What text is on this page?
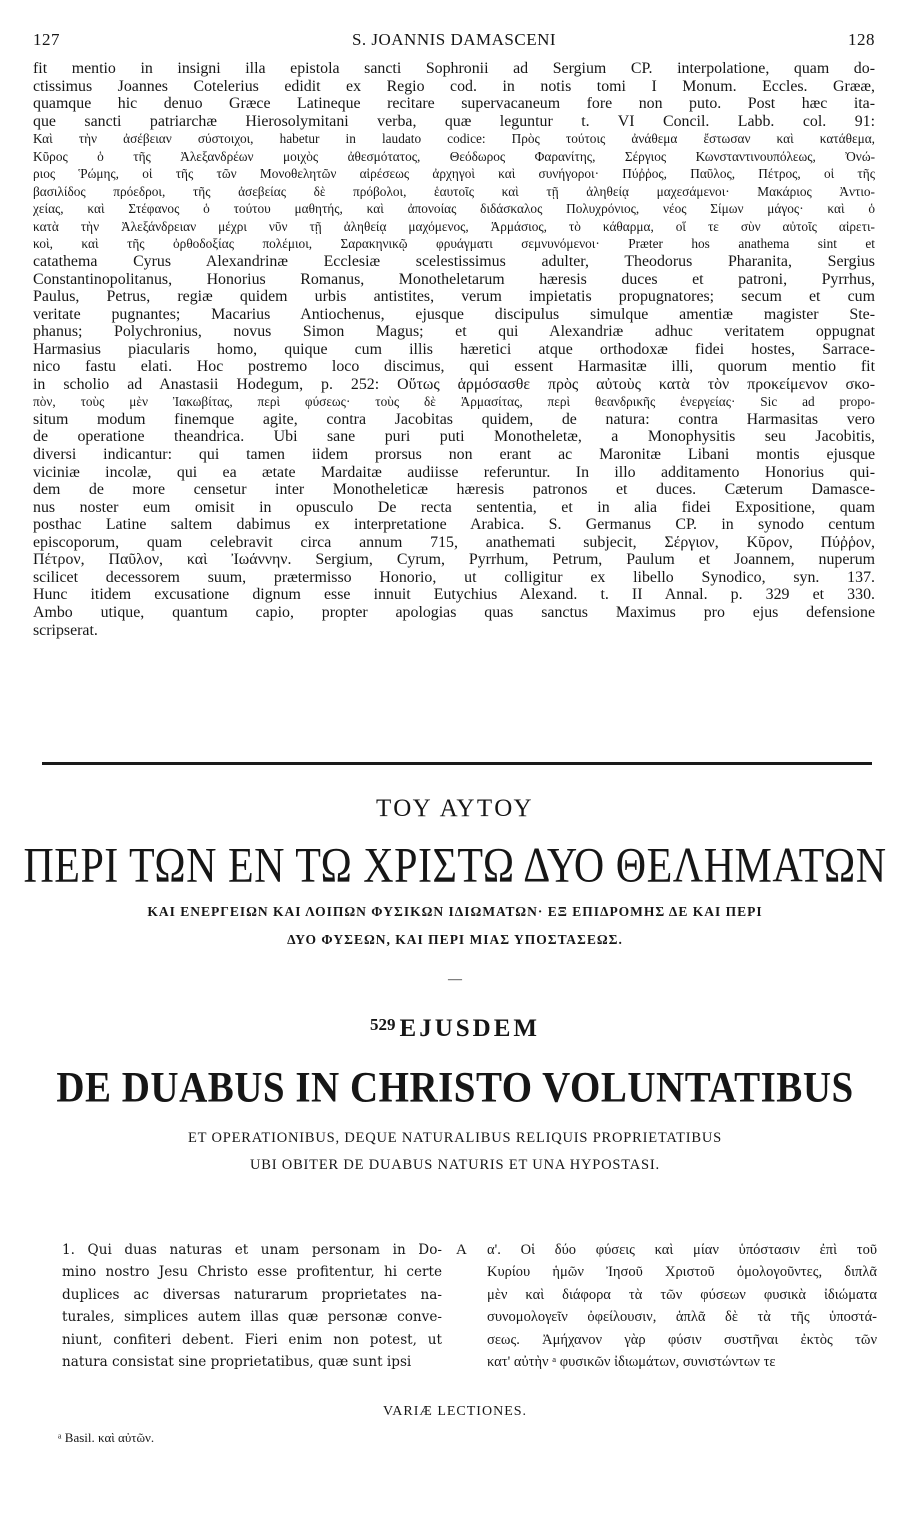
127	S. JOANNIS DAMASCENI	128
fit mentio in insigni illa epistola sancti Sophronii ad Sergium CP. interpolatione, quam do-
ctissimus Joannes Cotelerius edidit ex Regio cod. in notis tomi I Monum. Eccles. Grææ,
quamque hic denuo Græce Latineque recitare supervacaneum fore non puto. Post hæc ita-
que sancti patriarchæ Hierosolymitani verba, quæ leguntur t. VI Concil. Labb. col. 91:
Καὶ τὴν ἀσέβειαν σύστοιχοι, habetur in laudato codice: Πρὸς τούτοις ἀνάθεμα ἔστωσαν καὶ κατάθεμα,
Κῦρος ὁ τῆς Ἀλεξανδρέων μοιχὸς ἀθεσμότατος, Θεόδωρος Φαρανίτης, Σέργιος Κωνσταντινουπόλεως, Ὀνώ-
ριος Ῥώμης, οἱ τῆς τῶν Μονοθελητῶν αἱρέσεως ἀρχηγοὶ καὶ συνήγοροι· Πύῤῥος, Παῦλος, Πέτρος, οἱ τῆς
βασιλίδος πρόεδροι, τῆς ἀσεβείας δὲ πρόβολοι, ἑαυτοῖς καὶ τῇ ἀληθείᾳ μαχεσάμενοι· Μακάριος Ἀντιο-
χείας, καὶ Στέφανος ὁ τούτου μαθητής, καὶ ἀπονοίας διδάσκαλος Πολυχρόνιος, νέος Σίμων μάγος· καὶ ὁ
κατὰ τὴν Ἀλεξάνδρειαν μέχρι νῦν τῇ ἀληθείᾳ μαχόμενος, Ἁρμάσιος, τὸ κάθαρμα, οἵ τε σὺν αὐτοῖς αἱρετι-
κοὶ, καὶ τῆς ὀρθοδοξίας πολέμιοι, Σαρακηνικῷ φρυάγματι σεμνυνόμενοι· Præter hos anathema sint et
catathema Cyrus Alexandrinæ Ecclesiæ scelestissimus adulter, Theodorus Pharanita, Sergius
Constantinopolitanus, Honorius Romanus, Monotheletarum hæresis duces et patroni, Pyrrhus,
Paulus, Petrus, regiæ quidem urbis antistites, verum impietatis propugnatores; secum et cum
veritate pugnantes; Macarius Antiochenus, ejusque discipulus simulque amentiæ magister Ste-
phanus; Polychronius, novus Simon Magus; et qui Alexandriæ adhuc veritatem oppugnat
Harmasius piacularis homo, quique cum illis hæretici atque orthodoxæ fidei hostes, Sarrace-
nico fastu elati. Hoc postremo loco discimus, qui essent Harmasitæ illi, quorum mentio fit
in scholio ad Anastasii Hodegum, p. 252: Οὕτως ἁρμόσασθε πρὸς αὐτοὺς κατὰ τὸν προκείμενον σκο-
πὸν, τοὺς μὲν Ἰακωβίτας, περὶ φύσεως· τοὺς δὲ Ἁρμασίτας, περὶ θεανδρικῆς ἐνεργείας· Sic ad propo-
situm modum finemque agite, contra Jacobitas quidem, de natura: contra Harmasitas vero
de operatione theandrica. Ubi sane puri puti Monotheletæ, a Monophysitis seu Jacobitis,
diversi indicantur: qui tamen iidem prorsus non erant ac Maronitæ Libani montis ejusque
viciniæ incolæ, qui ea ætate Mardaitæ audiisse referuntur. In illo additamento Honorius qui-
dem de more censetur inter Monotheleticæ hæresis patronos et duces. Cæterum Damasce-
nus noster eum omisit in opusculo De recta sententia, et in alia fidei Expositione, quam
posthac Latine saltem dabimus ex interpretatione Arabica. S. Germanus CP. in synodo centum
episcoporum, quam celebravit circa annum 715, anathemati subjecit, Σέργιον, Κῦρον, Πύῤῥον,
Πέτρον, Παῦλον, καὶ Ἰωάννην. Sergium, Cyrum, Pyrrhum, Petrum, Paulum et Joannem, nuperum
scilicet decessorem suum, prætermisso Honorio, ut colligitur ex libello Synodico, syn. 137.
Hunc itidem excusatione dignum esse innuit Eutychius Alexand. t. II Annal. p. 329 et 330.
Ambo utique, quantum capio, propter apologias quas sanctus Maximus pro ejus defensione
scripserat.
ΤΟΥ ΑΥΤΟΥ
ΠΕΡΙ ΤΩΝ ΕΝ ΤΩ ΧΡΙΣΤΩ ΔΥΟ ΘΕΛΗΜΑΤΩΝ
ΚΑΙ ΕΝΕΡΓΕΙΩΝ ΚΑΙ ΛΟΙΠΩΝ ΦΥΣΙΚΩΝ ΙΔΙΩΜΑΤΩΝ· ΕΞ ΕΠΙΔΡΟΜΗΣ ΔΕ ΚΑΙ ΠΕΡΙ
ΔΥΟ ΦΥΣΕΩΝ, ΚΑΙ ΠΕΡΙ ΜΙΑΣ ΥΠΟΣΤΑΣΕΩΣ.
—
$^{529}$ EJUSDEM
DE DUABUS IN CHRISTO VOLUNTATIBUS
ET OPERATIONIBUS, DEQUE NATURALIBUS RELIQUIS PROPRIETATIBUS
UBI OBITER DE DUABUS NATURIS ET UNA HYPOSTASI.
1. Qui duas naturas et unam personam in Do-
mino nostro Jesu Christo esse profitentur, hi certe
duplices ac diversas naturarum proprietates na-
turales, simplices autem illas quæ personæ conve-
niunt, confiteri debent. Fieri enim non potest, ut
natura consistat sine proprietatibus, quæ sunt ipsi
A α'. Οἱ δύο φύσεις καὶ μίαν ὑπόστασιν ἐπὶ τοῦ
Κυρίου ἡμῶν Ἰησοῦ Χριστοῦ ὁμολογοῦντες, διπλᾶ
μὲν καὶ διάφορα τὰ τῶν φύσεων φυσικὰ ἰδιώματα
συνομολογεῖν ὀφείλουσιν, ἁπλᾶ δὲ τὰ τῆς ὑποστά-
σεως. Ἀμήχανον γὰρ φύσιν συστῆναι ἐκτὸς τῶν
κατ' αὐτὴν ᵃ φυσικῶν ἰδιωμάτων, συνιστώντων τε
VARIÆ LECTIONES.
ᵃ Basil. καὶ αὐτῶν.
